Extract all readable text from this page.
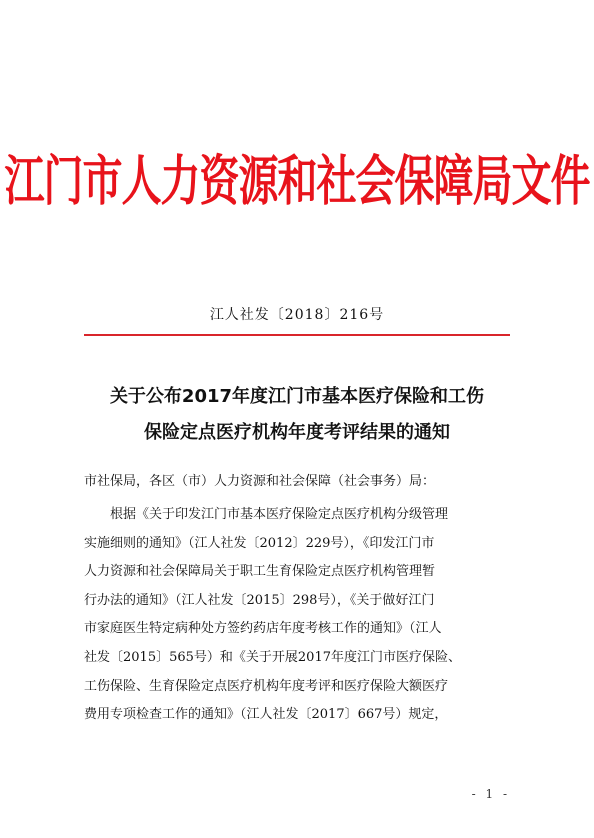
江门市人力资源和社会保障局文件
江人社发〔2018〕216号
关于公布2017年度江门市基本医疗保险和工伤
保险定点医疗机构年度考评结果的通知
市社保局，各区（市）人力资源和社会保障（社会事务）局：
根据《关于印发江门市基本医疗保险定点医疗机构分级管理
实施细则的通知》（江人社发〔2012〕229号），《印发江门市
人力资源和社会保障局关于职工生育保险定点医疗机构管理暂
行办法的通知》（江人社发〔2015〕298号），《关于做好江门
市家庭医生特定病种处方签约药店年度考核工作的通知》（江人
社发〔2015〕565号）和《关于开展2017年度江门市医疗保险、
工伤保险、生育保险定点医疗机构年度考评和医疗保险大额医疗
费用专项检查工作的通知》（江人社发〔2017〕667号）规定，
- 1 -
